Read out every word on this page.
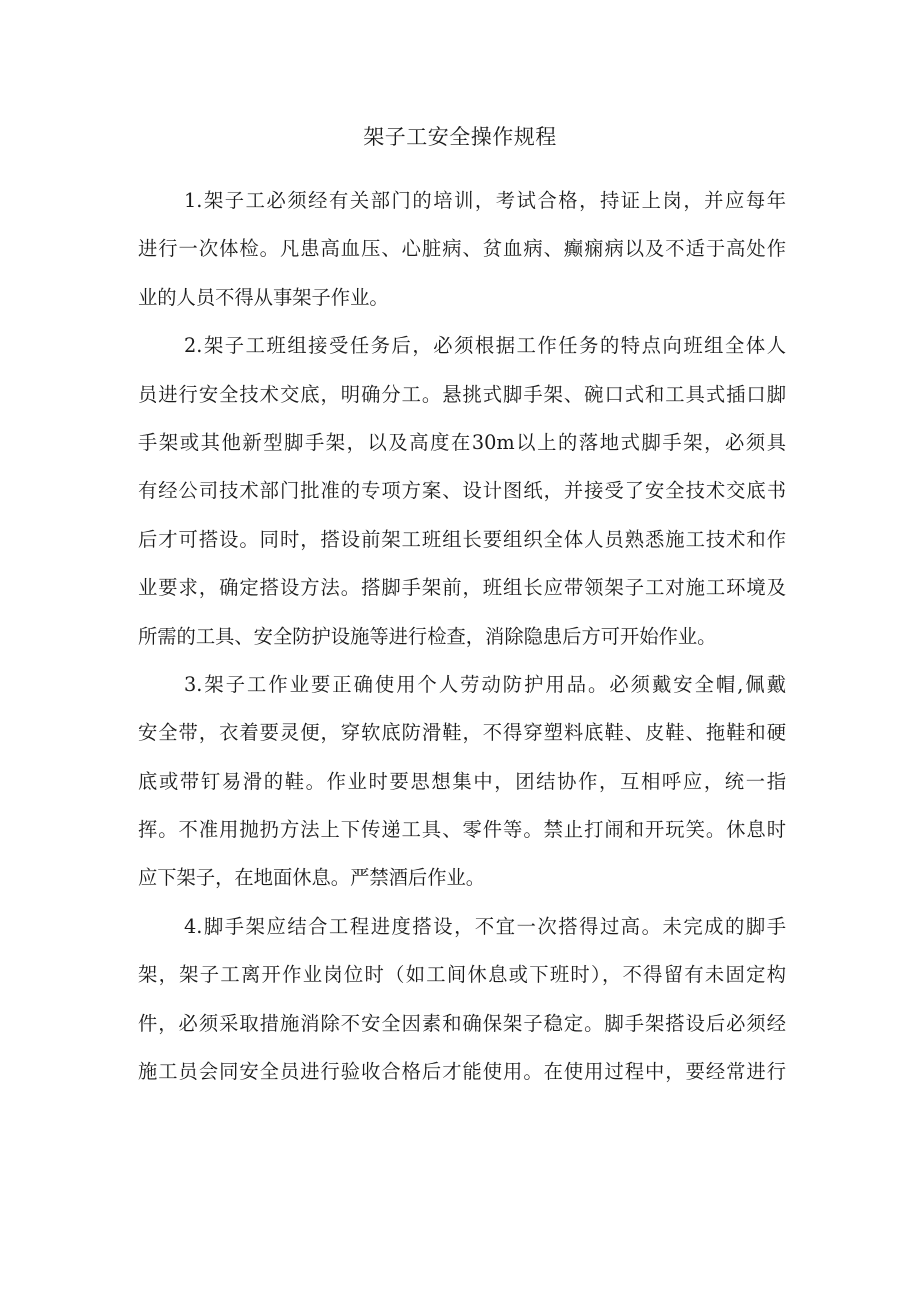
架子工安全操作规程
1.架子工必须经有关部门的培训，考试合格，持证上岗，并应每年
进行一次体检。凡患高血压、心脏病、贫血病、癫痫病以及不适于高处作
业的人员不得从事架子作业。
2.架子工班组接受任务后，必须根据工作任务的特点向班组全体人
员进行安全技术交底，明确分工。悬挑式脚手架、碗口式和工具式插口脚
手架或其他新型脚手架，以及高度在30m以上的落地式脚手架，必须具
有经公司技术部门批准的专项方案、设计图纸，并接受了安全技术交底书
后才可搭设。同时，搭设前架工班组长要组织全体人员熟悉施工技术和作
业要求，确定搭设方法。搭脚手架前，班组长应带领架子工对施工环境及
所需的工具、安全防护设施等进行检查，消除隐患后方可开始作业。
3.架子工作业要正确使用个人劳动防护用品。必须戴安全帽,佩戴
安全带，衣着要灵便，穿软底防滑鞋，不得穿塑料底鞋、皮鞋、拖鞋和硬
底或带钉易滑的鞋。作业时要思想集中，团结协作，互相呼应，统一指
挥。不准用抛扔方法上下传递工具、零件等。禁止打闹和开玩笑。休息时
应下架子，在地面休息。严禁酒后作业。
4.脚手架应结合工程进度搭设，不宜一次搭得过高。未完成的脚手
架，架子工离开作业岗位时（如工间休息或下班时），不得留有未固定构
件，必须采取措施消除不安全因素和确保架子稳定。脚手架搭设后必须经
施工员会同安全员进行验收合格后才能使用。在使用过程中，要经常进行
